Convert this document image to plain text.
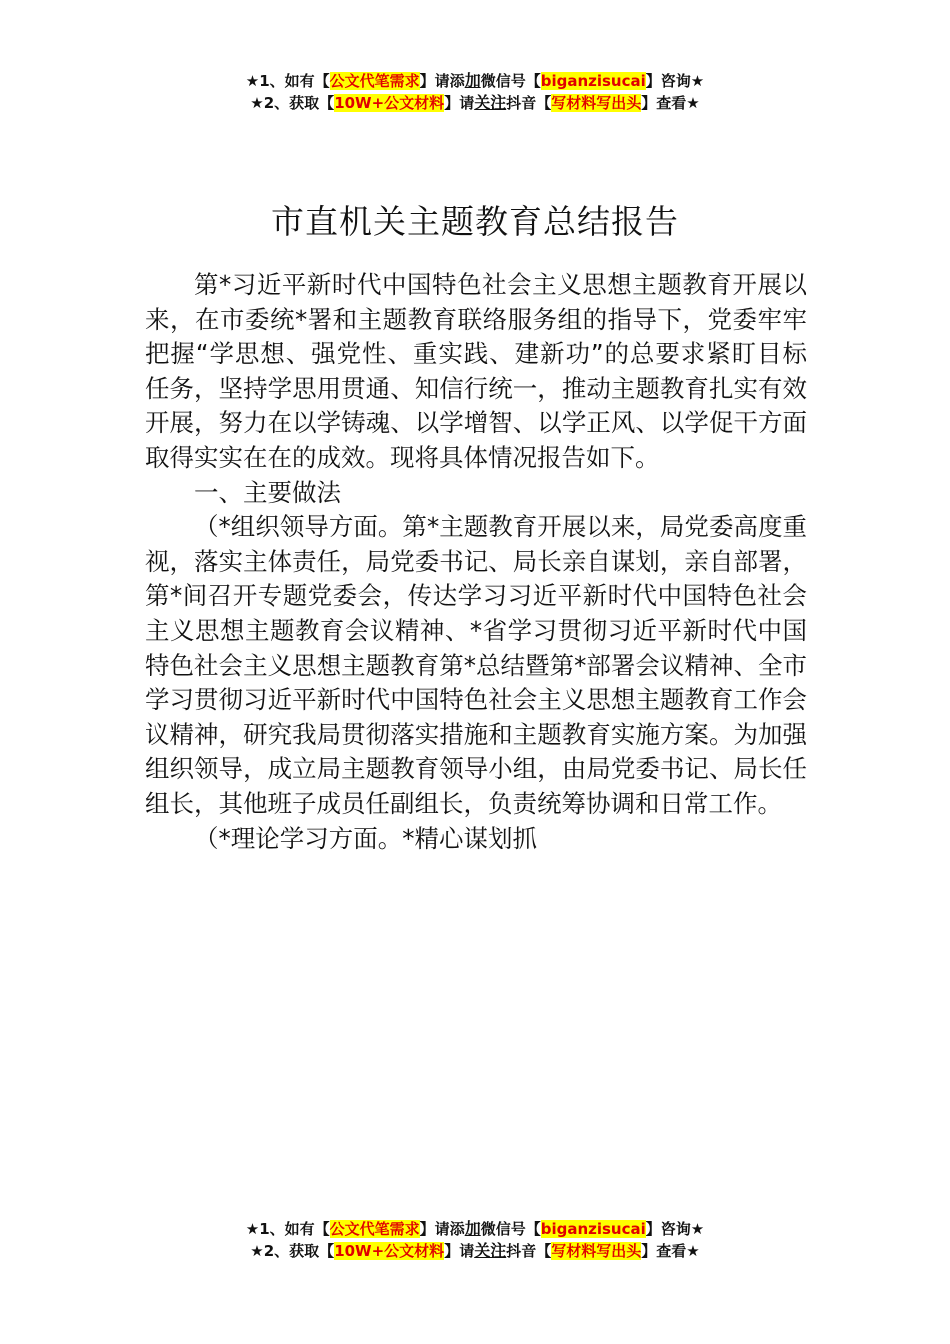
★1、如有【公文代笔需求】请添加微信号【biganzisucai】咨询★
★2、获取【10W+公文材料】请关注抖音【写材料写出头】查看★
市直机关主题教育总结报告

第*习近平新时代中国特色社会主义思想主题教育开展以来，在市委统*署和主题教育联络服务组的指导下，党委牢牢把握“学思想、强党性、重实践、建新功”的总要求紧盯目标任务，坚持学思用贯通、知信行统一，推动主题教育扎实有效开展，努力在以学铸魂、以学增智、以学正风、以学促干方面取得实实在在的成效。现将具体情况报告如下。

一、主要做法

（*组织领导方面。第*主题教育开展以来，局党委高度重视，落实主体责任，局党委书记、局长亲自谋划，亲自部署，第*间召开专题党委会，传达学习习近平新时代中国特色社会主义思想主题教育会议精神、*省学习贯彻习近平新时代中国特色社会主义思想主题教育第*总结暨第*部署会议精神、全市学习贯彻习近平新时代中国特色社会主义思想主题教育工作会议精神，研究我局贯彻落实措施和主题教育实施方案。为加强组织领导，成立局主题教育领导小组，由局党委书记、局长任组长，其他班子成员任副组长，负责统筹协调和日常工作。

（*理论学习方面。*精心谋划抓

★1、如有【公文代笔需求】请添加微信号【biganzisucai】咨询★
★2、获取【10W+公文材料】请关注抖音【写材料写出头】查看★
